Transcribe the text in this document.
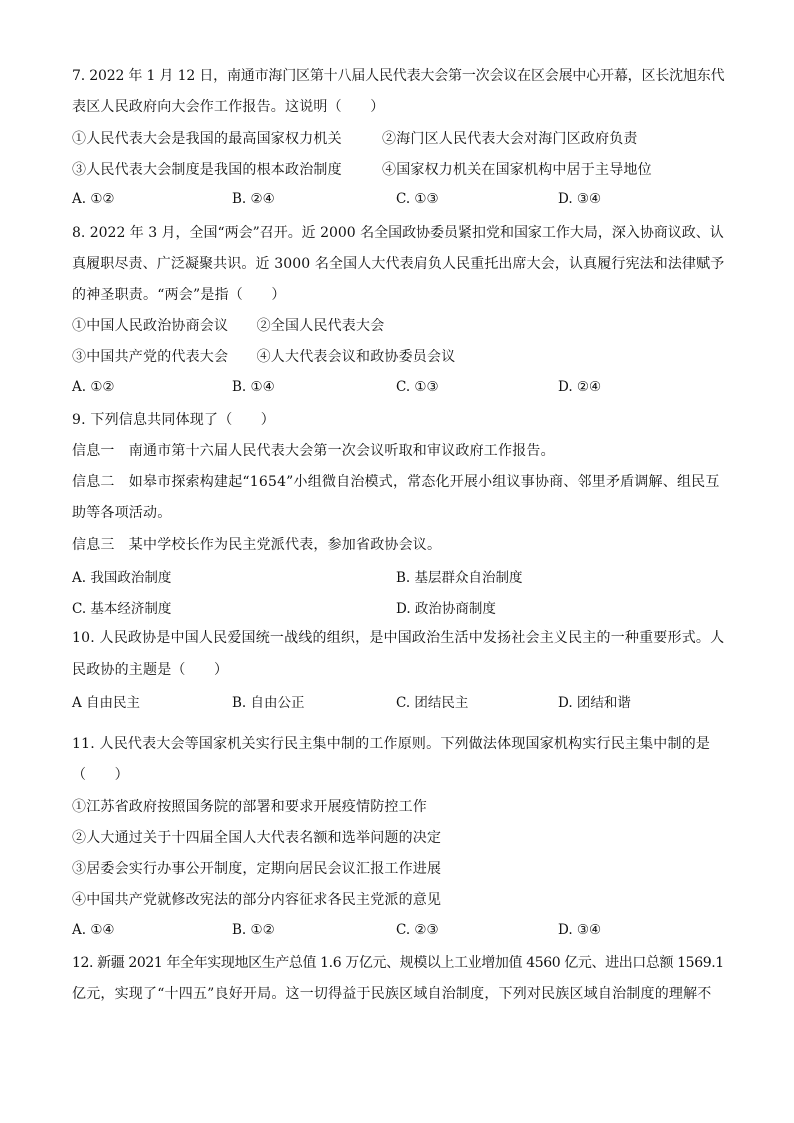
7. 2022 年 1 月 12 日，南通市海门区第十八届人民代表大会第一次会议在区会展中心开幕，区长沈旭东代
表区人民政府向大会作工作报告。这说明（　　）
①人民代表大会是我国的最高国家权力机关	②海门区人民代表大会对海门区政府负责
③人民代表大会制度是我国的根本政治制度	④国家权力机关在国家机构中居于主导地位
A. ①②	B. ②④	C. ①③	D. ③④
8. 2022 年 3 月，全国“两会”召开。近 2000 名全国政协委员紧扣党和国家工作大局，深入协商议政、认
真履职尽责、广泛凝聚共识。近 3000 名全国人大代表肩负人民重托出席大会，认真履行宪法和法律赋予
的神圣职责。“两会”是指（　　）
①中国人民政治协商会议　　②全国人民代表大会
③中国共产党的代表大会　　④人大代表会议和政协委员会议
A. ①②	B. ①④	C. ①③	D. ②④
9. 下列信息共同体现了（　　）
信息一　南通市第十六届人民代表大会第一次会议听取和审议政府工作报告。
信息二　如皋市探索构建起“1654”小组微自治模式，常态化开展小组议事协商、邻里矛盾调解、组民互
助等各项活动。
信息三　某中学校长作为民主党派代表，参加省政协会议。
A. 我国政治制度	B. 基层群众自治制度
C. 基本经济制度	D. 政治协商制度
10. 人民政协是中国人民爱国统一战线的组织，是中国政治生活中发扬社会主义民主的一种重要形式。人
民政协的主题是（　　）
A 自由民主	B. 自由公正	C. 团结民主	D. 团结和谐
11. 人民代表大会等国家机关实行民主集中制的工作原则。下列做法体现国家机构实行民主集中制的是
（　　）
①江苏省政府按照国务院的部署和要求开展疫情防控工作
②人大通过关于十四届全国人大代表名额和选举问题的决定
③居委会实行办事公开制度，定期向居民会议汇报工作进展
④中国共产党就修改宪法的部分内容征求各民主党派的意见
A. ①④	B. ①②	C. ②③	D. ③④
12. 新疆 2021 年全年实现地区生产总值 1.6 万亿元、规模以上工业增加值 4560 亿元、进出口总额 1569.1
亿元，实现了“十四五”良好开局。这一切得益于民族区域自治制度，下列对民族区域自治制度的理解不
